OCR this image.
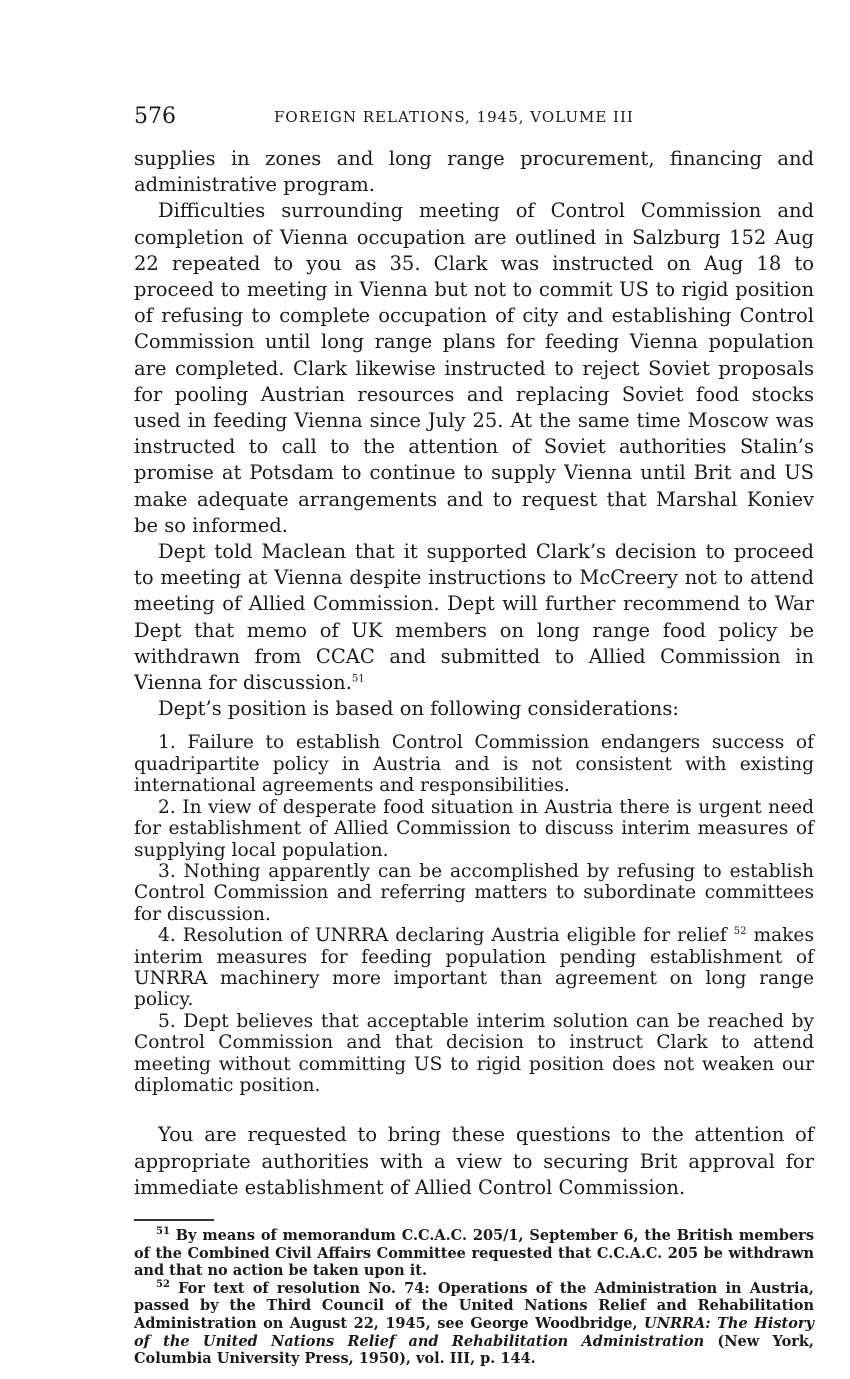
576	FOREIGN RELATIONS, 1945, VOLUME III

supplies in zones and long range procurement, financing and administrative program.

Difficulties surrounding meeting of Control Commission and completion of Vienna occupation are outlined in Salzburg 152 Aug 22 repeated to you as 35. Clark was instructed on Aug 18 to proceed to meeting in Vienna but not to commit US to rigid position of refusing to complete occupation of city and establishing Control Commission until long range plans for feeding Vienna population are completed. Clark likewise instructed to reject Soviet proposals for pooling Austrian resources and replacing Soviet food stocks used in feeding Vienna since July 25. At the same time Moscow was instructed to call to the attention of Soviet authorities Stalin’s promise at Potsdam to continue to supply Vienna until Brit and US make adequate arrangements and to request that Marshal Koniev be so informed.

Dept told Maclean that it supported Clark’s decision to proceed to meeting at Vienna despite instructions to McCreery not to attend meeting of Allied Commission. Dept will further recommend to War Dept that memo of UK members on long range food policy be withdrawn from CCAC and submitted to Allied Commission in Vienna for discussion.$^{51}$

Dept’s position is based on following considerations:

1. Failure to establish Control Commission endangers success of quadripartite policy in Austria and is not consistent with existing international agreements and responsibilities.

2. In view of desperate food situation in Austria there is urgent need for establishment of Allied Commission to discuss interim measures of supplying local population.

3. Nothing apparently can be accomplished by refusing to establish Control Commission and referring matters to subordinate committees for discussion.

4. Resolution of UNRRA declaring Austria eligible for relief $^{52}$ makes interim measures for feeding population pending establishment of UNRRA machinery more important than agreement on long range policy.

5. Dept believes that acceptable interim solution can be reached by Control Commission and that decision to instruct Clark to attend meeting without committing US to rigid position does not weaken our diplomatic position.

You are requested to bring these questions to the attention of appropriate authorities with a view to securing Brit approval for immediate establishment of Allied Control Commission.

$^{51}$ By means of memorandum C.C.A.C. 205/1, September 6, the British members of the Combined Civil Affairs Committee requested that C.C.A.C. 205 be withdrawn and that no action be taken upon it.

$^{52}$ For text of resolution No. 74: Operations of the Administration in Austria, passed by the Third Council of the United Nations Relief and Rehabilitation Administration on August 22, 1945, see George Woodbridge, UNRRA: The History of the United Nations Relief and Rehabilitation Administration (New York, Columbia University Press, 1950), vol. III, p. 144.
